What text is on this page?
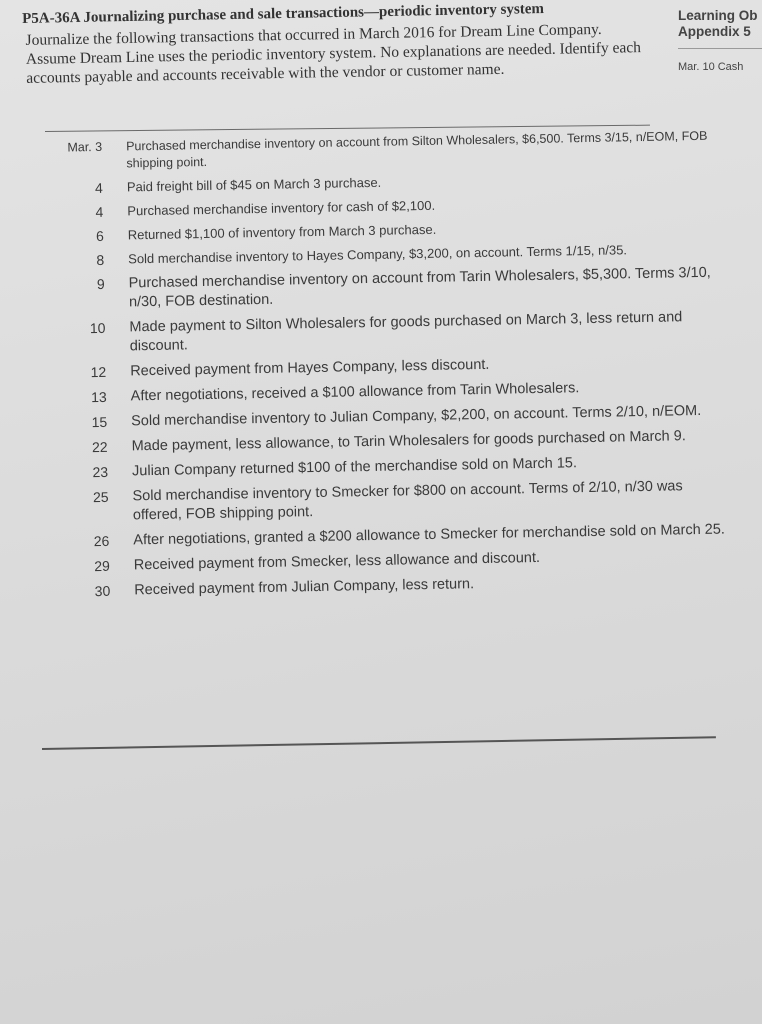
P5A-36A Journalizing purchase and sale transactions—periodic inventory system
Journalize the following transactions that occurred in March 2016 for Dream Line Company. Assume Dream Line uses the periodic inventory system. No explanations are needed. Identify each accounts payable and accounts receivable with the vendor or customer name.
Learning Ob
Appendix 5
Mar. 10 Cash
Mar. 3	Purchased merchandise inventory on account from Silton Wholesalers, $6,500. Terms 3/15, n/EOM, FOB shipping point.
4	Paid freight bill of $45 on March 3 purchase.
4	Purchased merchandise inventory for cash of $2,100.
6	Returned $1,100 of inventory from March 3 purchase.
8	Sold merchandise inventory to Hayes Company, $3,200, on account. Terms 1/15, n/35.
9	Purchased merchandise inventory on account from Tarin Wholesalers, $5,300. Terms 3/10, n/30, FOB destination.
10	Made payment to Silton Wholesalers for goods purchased on March 3, less return and discount.
12	Received payment from Hayes Company, less discount.
13	After negotiations, received a $100 allowance from Tarin Wholesalers.
15	Sold merchandise inventory to Julian Company, $2,200, on account. Terms 2/10, n/EOM.
22	Made payment, less allowance, to Tarin Wholesalers for goods purchased on March 9.
23	Julian Company returned $100 of the merchandise sold on March 15.
25	Sold merchandise inventory to Smecker for $800 on account. Terms of 2/10, n/30 was offered, FOB shipping point.
26	After negotiations, granted a $200 allowance to Smecker for merchandise sold on March 25.
29	Received payment from Smecker, less allowance and discount.
30	Received payment from Julian Company, less return.
